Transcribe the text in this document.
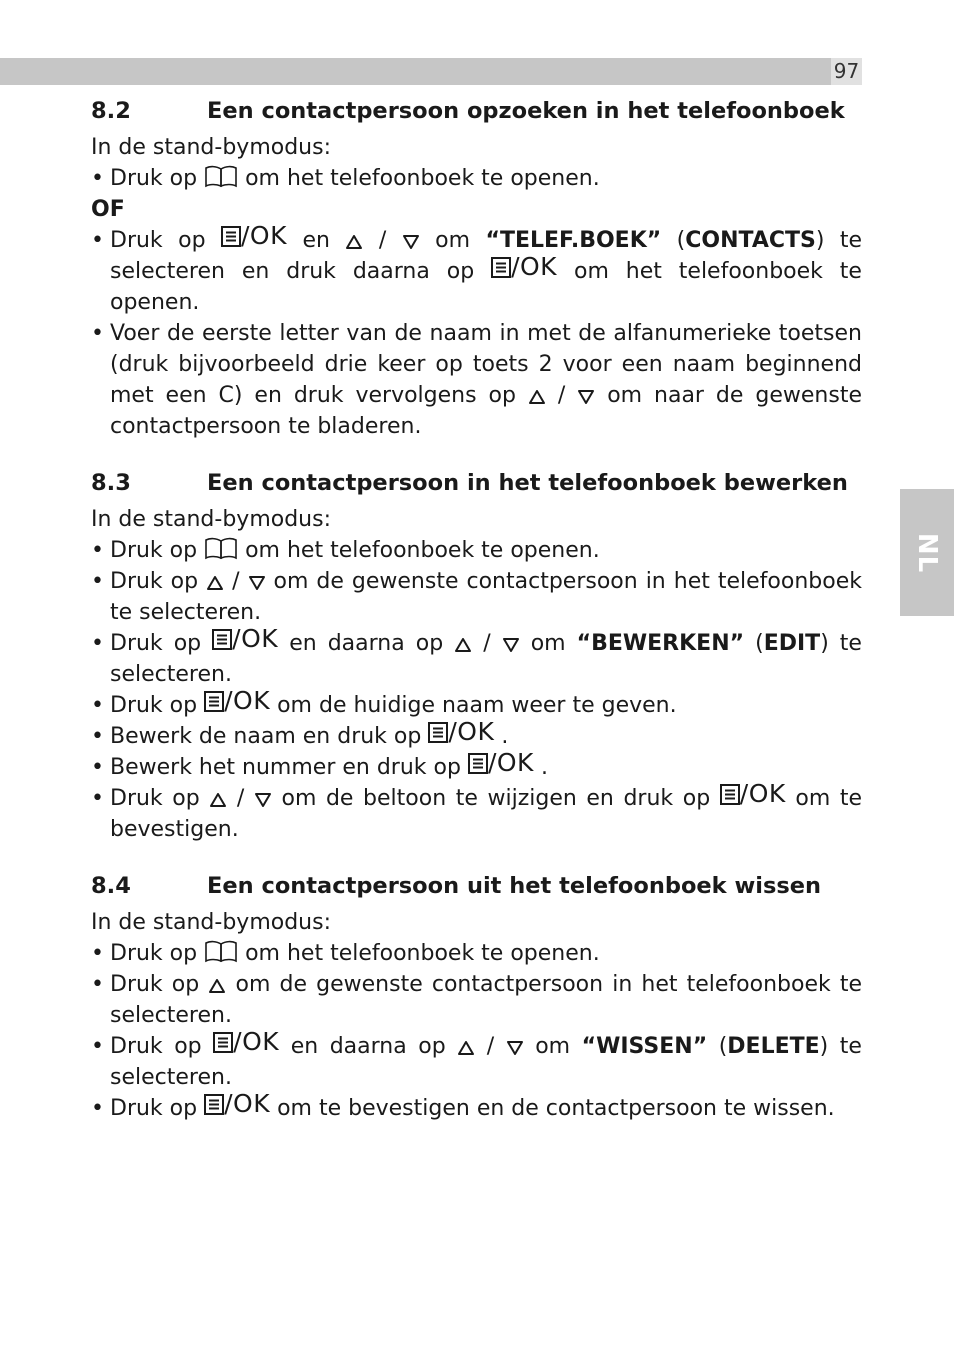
97
NL
8.2	Een contactpersoon opzoeken in het telefoonboek

In de stand-bymodus:

• Druk op om het telefoonboek te openen.

OF

• Druk op /OK en / om “TELEF.BOEK” (CONTACTS) te selecteren en druk daarna op /OK om het telefoonboek te openen.
• Voer de eerste letter van de naam in met de alfanumerieke toetsen (druk bijvoorbeeld drie keer op toets 2 voor een naam beginnend met een C) en druk vervolgens op / om naar de gewenste contactpersoon te bladeren.
8.3	Een contactpersoon in het telefoonboek bewerken

In de stand-bymodus:

• Druk op om het telefoonboek te openen.
• Druk op / om de gewenste contactpersoon in het telefoonboek te selecteren.
• Druk op /OK en daarna op / om “BEWERKEN” (EDIT) te selecteren.
• Druk op /OK om de huidige naam weer te geven.
• Bewerk de naam en druk op /OK .
• Bewerk het nummer en druk op /OK .
• Druk op / om de beltoon te wijzigen en druk op /OK om te bevestigen.
8.4	Een contactpersoon uit het telefoonboek wissen

In de stand-bymodus:

• Druk op om het telefoonboek te openen.
• Druk op om de gewenste contactpersoon in het telefoonboek te selecteren.
• Druk op /OK en daarna op / om “WISSEN” (DELETE) te selecteren.
• Druk op /OK om te bevestigen en de contactpersoon te wissen.
